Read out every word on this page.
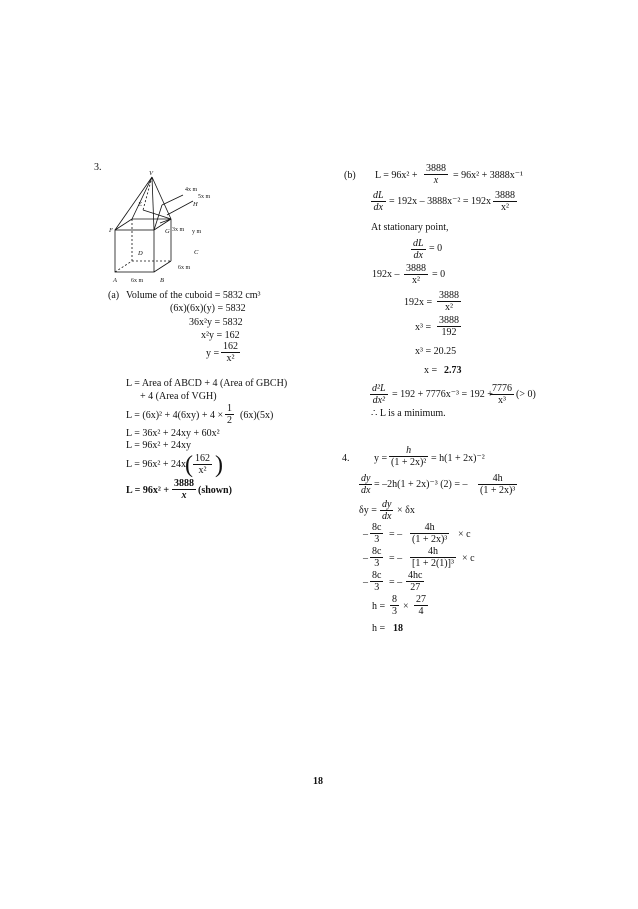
3.
V
E	H
F	G
D	C
A	B
4x m
5x m
3x m y m
6x m
6x m
(a) Volume of the cuboid = 5832 cm³
(6x)(6x)(y) = 5832
36x²y = 5832
x²y = 162
$y = \frac{162}{\text{x²}}$
L = Area of ABCD + 4 (Area of GBCH)
+ 4 (Area of VGH)
$L = (6x)^2 + 4(6xy) + 4 \times \frac{1}{2} (6x)(5x)$
L = 36x² + 24xy + 60x²
L = 96x² + 24xy
L = 96x² + 24x
( $\frac{162}{\text{x²}}$ )
$L = 96x^2 + \frac{3888}{x}$ (shown)
(b) $L = 96x^2 + \frac{3888}{x} = 96x^2 + 3888x^{-1}$
$\frac{dL}{dx} = 192x - 3888x^{-2} = 192x$ –
$\frac{3888}{\text{x²}}$
At stationary point,
$\frac{dL}{dx} = 0$
$192x - \frac{3888}{\text{x²}} = 0$
$192x = \frac{3888}{\text{x²}}$
$x^3 = \frac{3888}{192}$
x³ = 20.25
x = 2.73
$\frac{\text{d²L}}{\text{dx²}} = 192 + 7776x^{-3} = 192$ +
$\frac{7776}{\text{x³}}$ (> 0)
∴ L is a minimum.
4. $y = \frac{h}{\text{(1 + 2x)²}} = h(1 + 2x)^{-2}$
$\frac{dy}{dx} = -2h(1 + 2x)^{-3}$ (2) = – $\frac{4h}{\text{(1 + 2x)³}}$
$\delta y = \frac{dy}{dx} \times \delta x$
– $\frac{8c}{3}$ = – $\frac{4h}{\text{(1 + 2x)³}} \times c$
– $\frac{8c}{3}$ = – $\frac{4h}{\text{[1 + 2(1)]³}} \times c$
– $\frac{8c}{3}$ = – $\frac{4hc}{27}$
$h = \frac{8}{3} \times \frac{27}{4}$
h = 18
18
